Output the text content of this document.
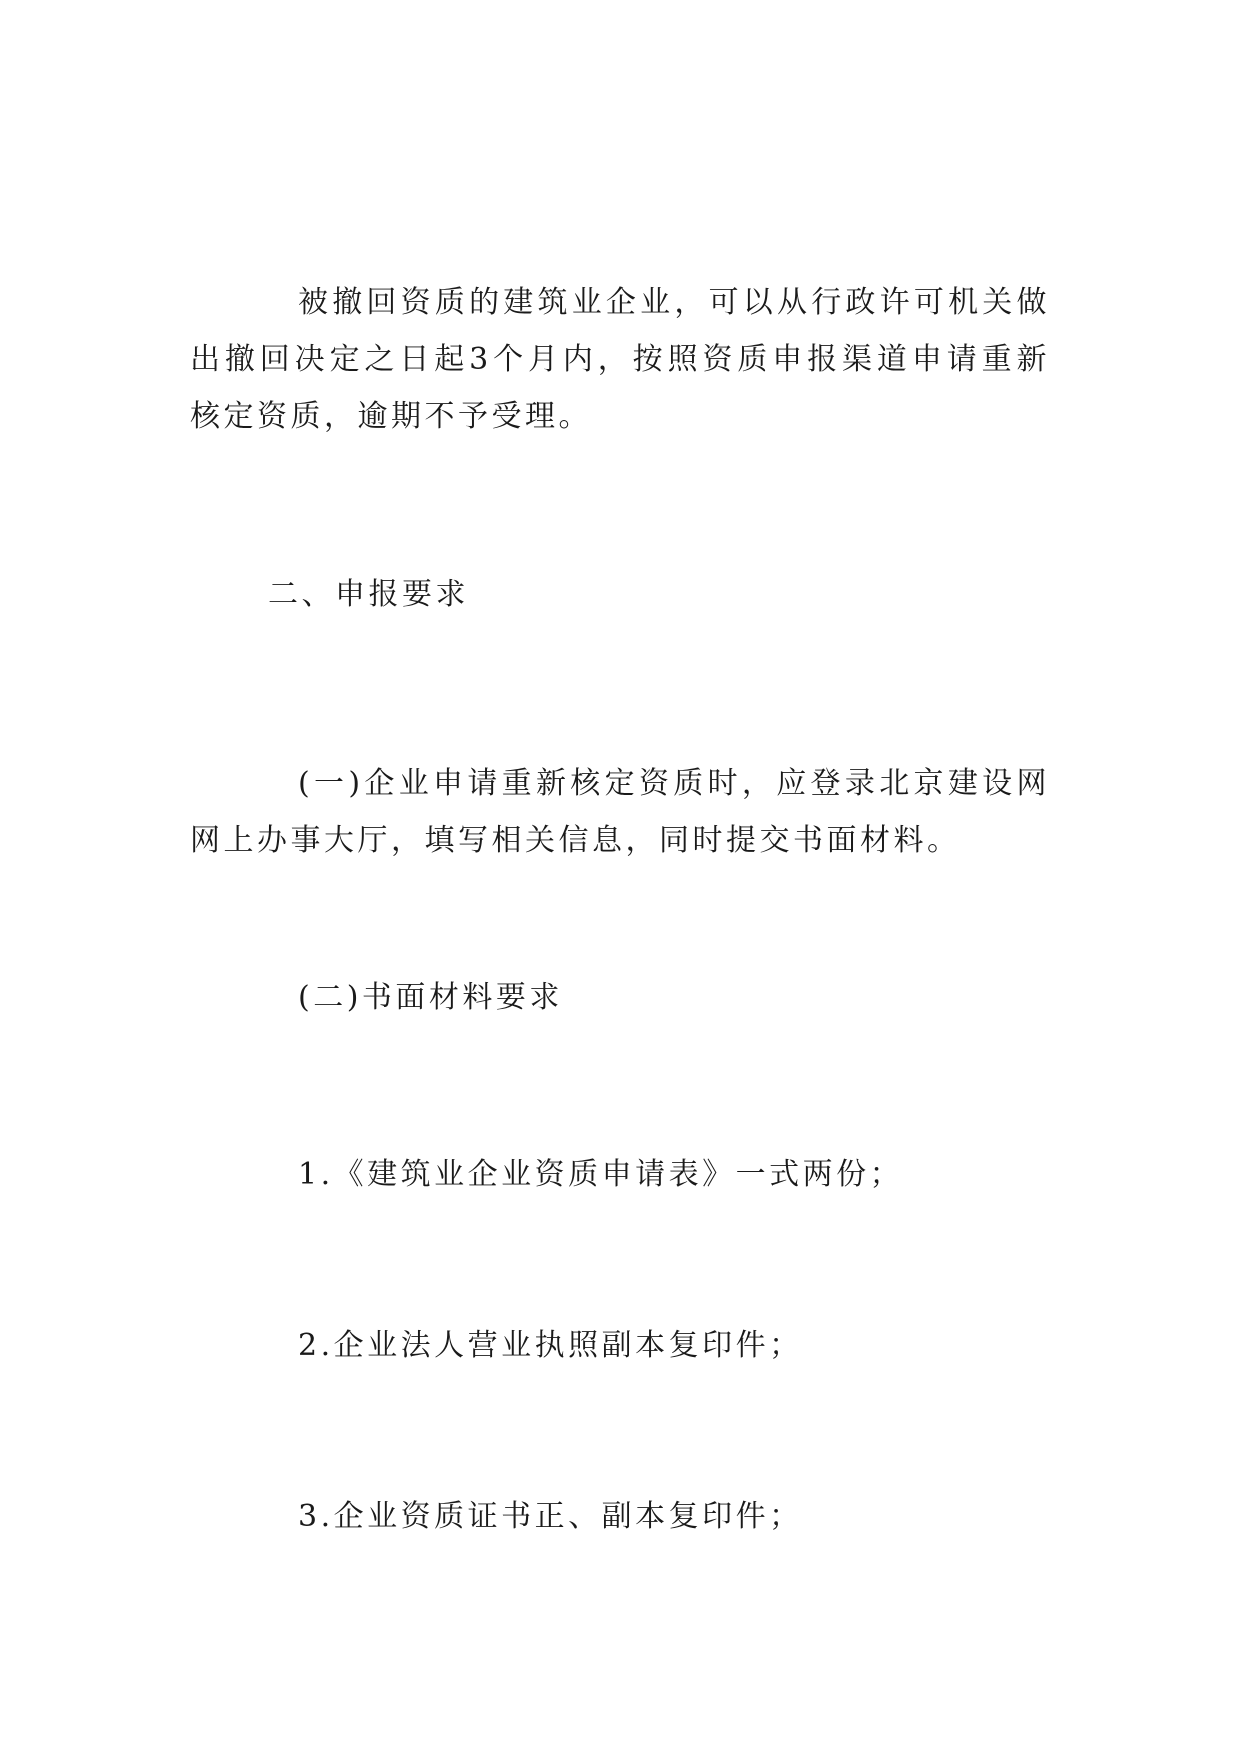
被撤回资质的建筑业企业，可以从行政许可机关做出撤回决定之日起3个月内，按照资质申报渠道申请重新核定资质，逾期不予受理。

二、申报要求

(一)企业申请重新核定资质时，应登录北京建设网网上办事大厅，填写相关信息，同时提交书面材料。

(二)书面材料要求

1.《建筑业企业资质申请表》一式两份；

2.企业法人营业执照副本复印件；

3.企业资质证书正、副本复印件；
